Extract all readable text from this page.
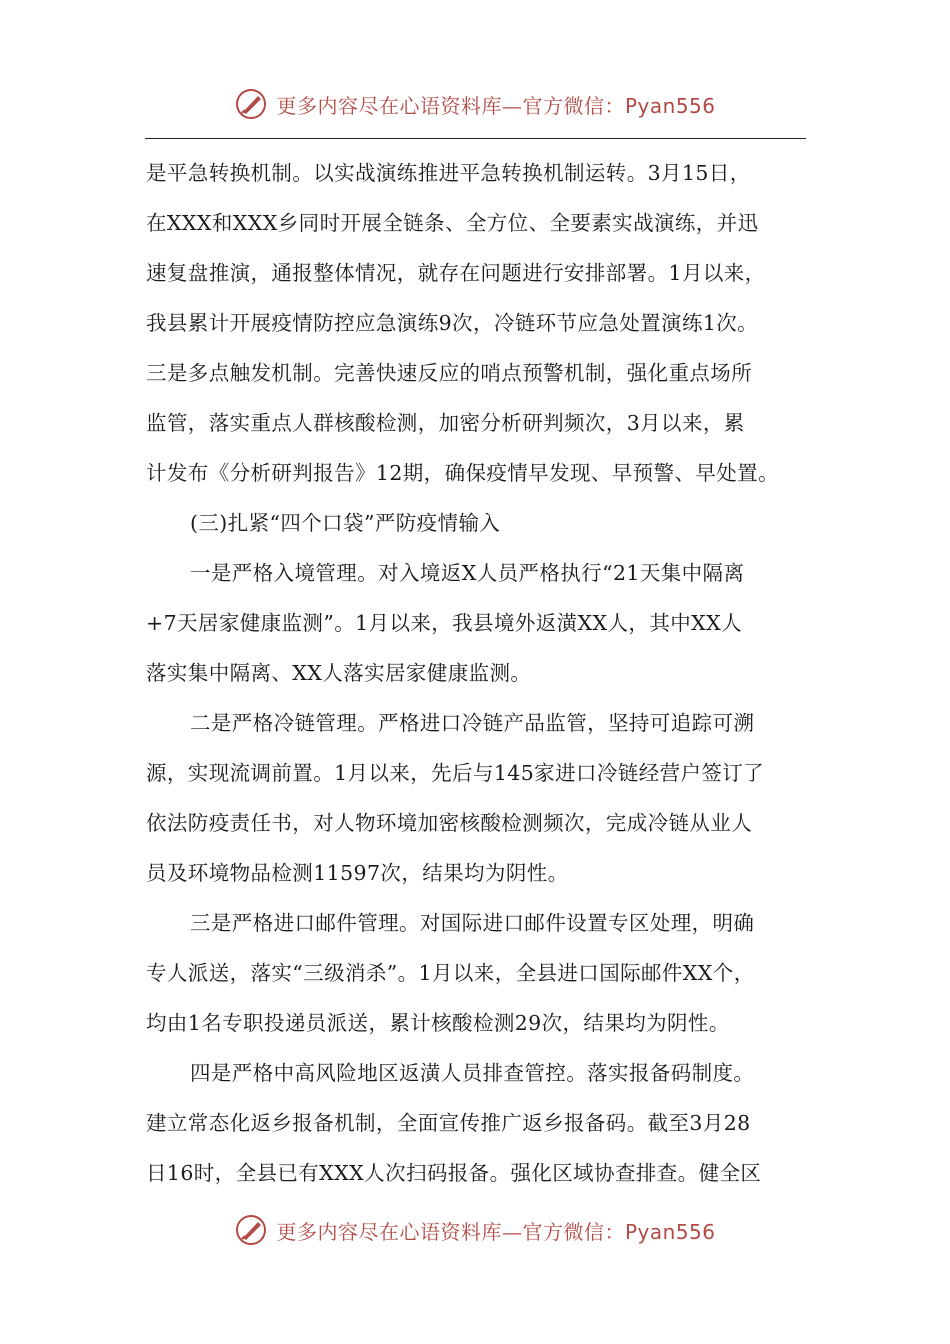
更多内容尽在心语资料库—官方微信：Pyan556
是平急转换机制。以实战演练推进平急转换机制运转。3月15日，
在XXX和XXX乡同时开展全链条、全方位、全要素实战演练，并迅
速复盘推演，通报整体情况，就存在问题进行安排部署。1月以来，
我县累计开展疫情防控应急演练9次，冷链环节应急处置演练1次。
三是多点触发机制。完善快速反应的哨点预警机制，强化重点场所
监管，落实重点人群核酸检测，加密分析研判频次，3月以来，累
计发布《分析研判报告》12期，确保疫情早发现、早预警、早处置。
(三)扎紧“四个口袋”严防疫情输入
一是严格入境管理。对入境返X人员严格执行“21天集中隔离
+7天居家健康监测”。1月以来，我县境外返潢XX人，其中XX人
落实集中隔离、XX人落实居家健康监测。
二是严格冷链管理。严格进口冷链产品监管，坚持可追踪可溯
源，实现流调前置。1月以来，先后与145家进口冷链经营户签订了
依法防疫责任书，对人物环境加密核酸检测频次，完成冷链从业人
员及环境物品检测11597次，结果均为阴性。
三是严格进口邮件管理。对国际进口邮件设置专区处理，明确
专人派送，落实“三级消杀”。1月以来，全县进口国际邮件XX个，
均由1名专职投递员派送，累计核酸检测29次，结果均为阴性。
四是严格中高风险地区返潢人员排查管控。落实报备码制度。
建立常态化返乡报备机制，全面宣传推广返乡报备码。截至3月28
日16时，全县已有XXX人次扫码报备。强化区域协查排查。健全区
更多内容尽在心语资料库—官方微信：Pyan556
